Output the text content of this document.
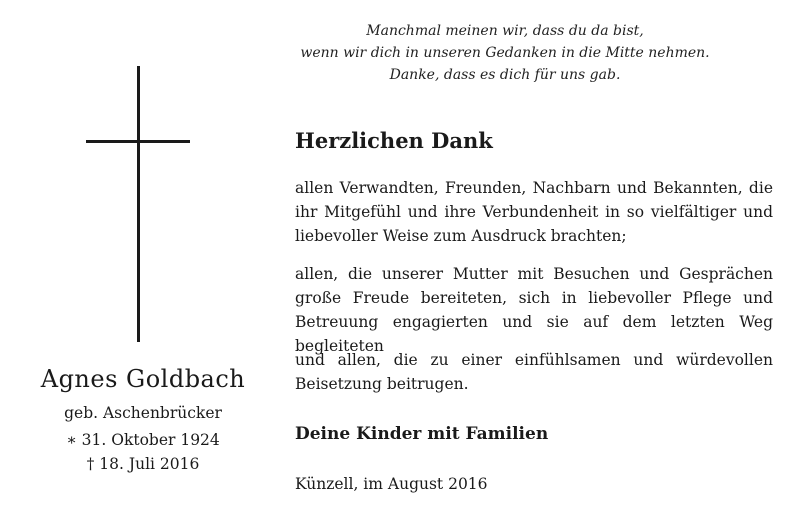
Manchmal meinen wir, dass du da bist,
wenn wir dich in unseren Gedanken in die Mitte nehmen.
Danke, dass es dich für uns gab.
Agnes Goldbach
geb. Aschenbrücker
∗ 31. Oktober 1924
† 18. Juli 2016
Herzlichen Dank
allen Verwandten, Freunden, Nachbarn und Bekannten, die ihr Mitgefühl und ihre Verbundenheit in so vielfältiger und liebevoller Weise zum Ausdruck brachten;
allen, die unserer Mutter mit Besuchen und Gesprächen große Freude bereiteten, sich in liebevoller Pflege und Betreuung engagierten und sie auf dem letzten Weg begleiteten
und allen, die zu einer einfühlsamen und würdevollen Beisetzung beitrugen.
Deine Kinder mit Familien
Künzell, im August 2016
